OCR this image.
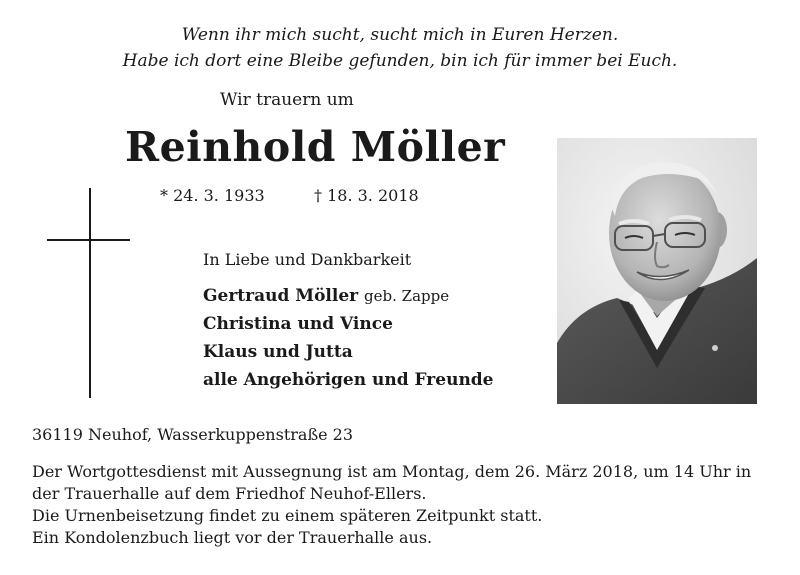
Wenn ihr mich sucht, sucht mich in Euren Herzen.
Habe ich dort eine Bleibe gefunden, bin ich für immer bei Euch.
Wir trauern um
Reinhold Möller
* 24. 3. 1933	† 18. 3. 2018
In Liebe und Dankbarkeit
Gertraud Möller geb. Zappe
Christina und Vince
Klaus und Jutta
alle Angehörigen und Freunde
36119 Neuhof, Wasserkuppenstraße 23
Der Wortgottesdienst mit Aussegnung ist am Montag, dem 26. März 2018, um 14 Uhr in
der Trauerhalle auf dem Friedhof Neuhof-Ellers.
Die Urnenbeisetzung findet zu einem späteren Zeitpunkt statt.
Ein Kondolenzbuch liegt vor der Trauerhalle aus.
